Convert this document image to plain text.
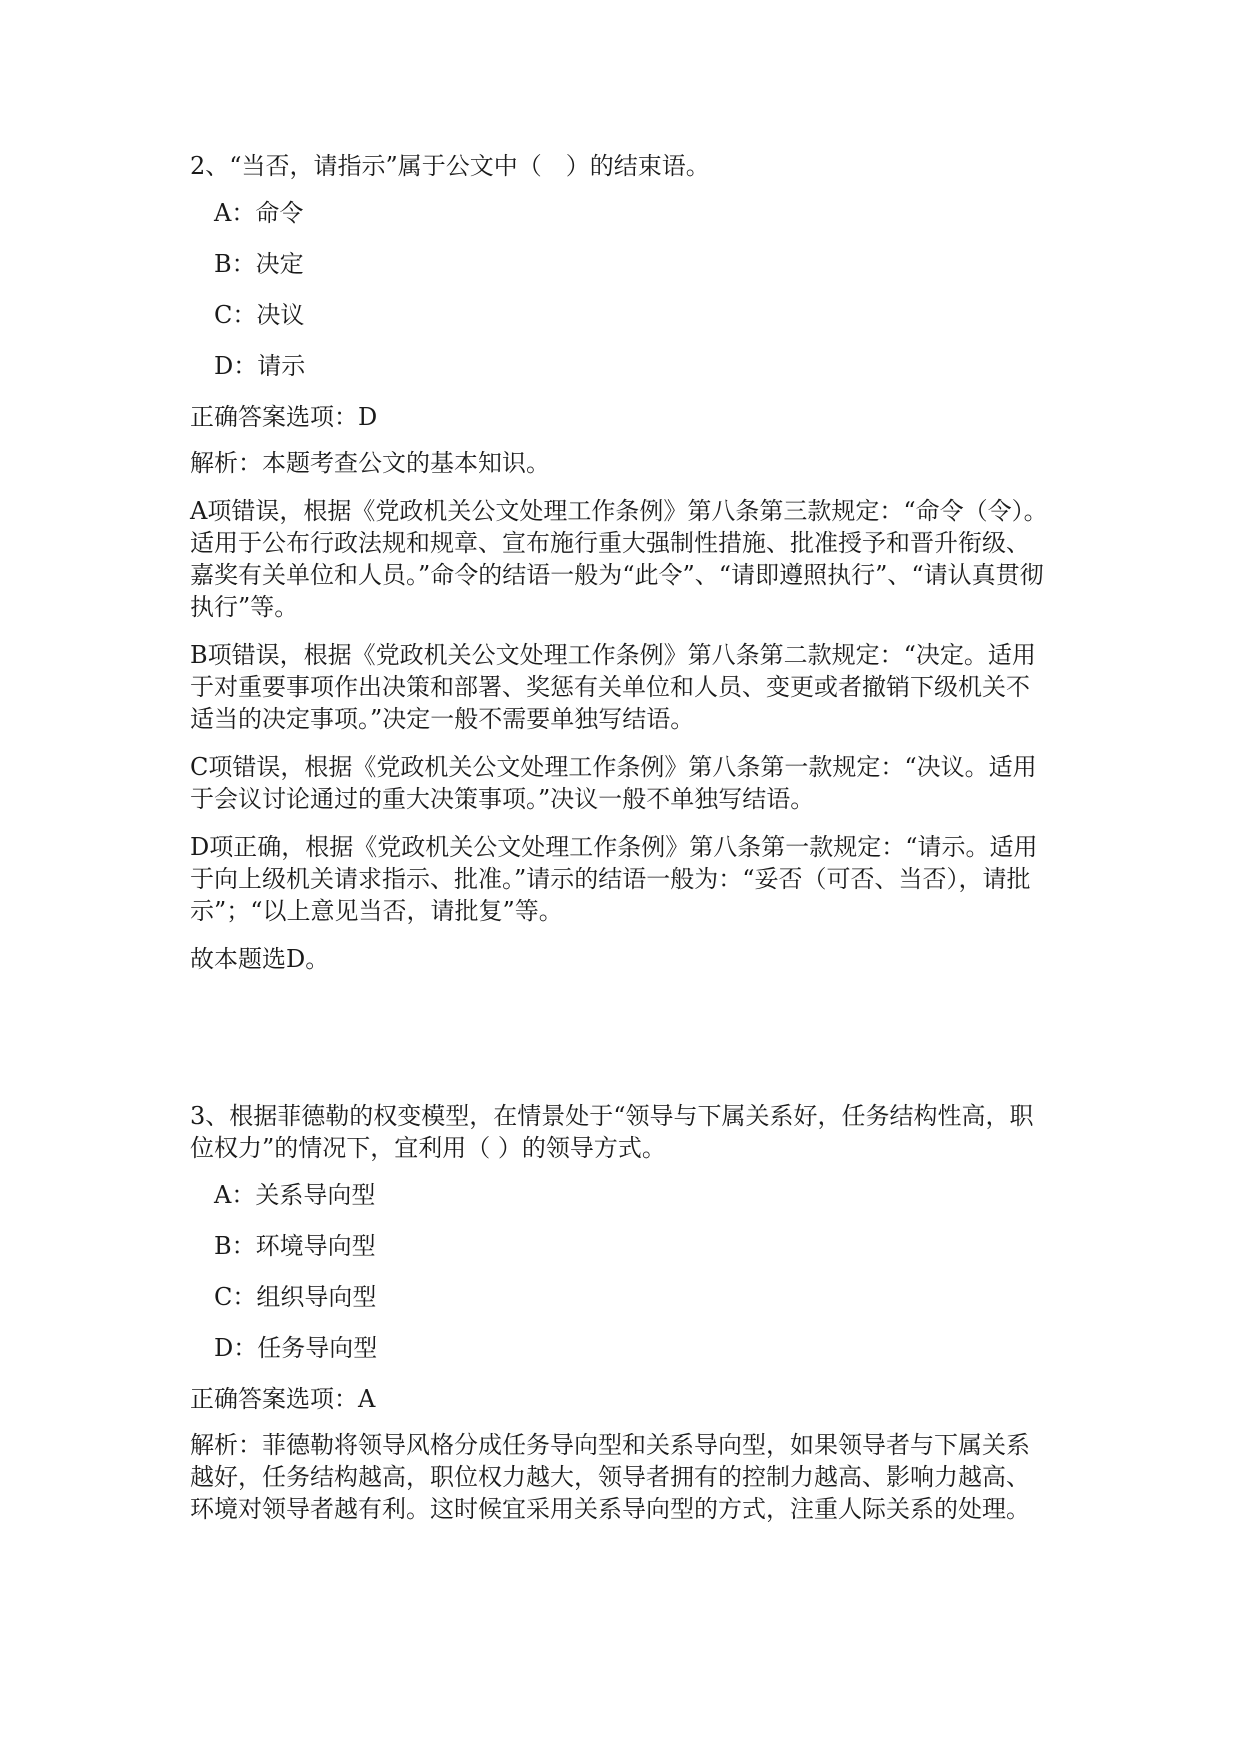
2、“当否，请指示”属于公文中（　）的结束语。

A：命令
B：决定
C：决议
D：请示

正确答案选项：D

解析：本题考查公文的基本知识。

A项错误，根据《党政机关公文处理工作条例》第八条第三款规定：“命令（令）。适用于公布行政法规和规章、宣布施行重大强制性措施、批准授予和晋升衔级、嘉奖有关单位和人员。”命令的结语一般为“此令”、“请即遵照执行”、“请认真贯彻执行”等。

B项错误，根据《党政机关公文处理工作条例》第八条第二款规定：“决定。适用于对重要事项作出决策和部署、奖惩有关单位和人员、变更或者撤销下级机关不适当的决定事项。”决定一般不需要单独写结语。

C项错误，根据《党政机关公文处理工作条例》第八条第一款规定：“决议。适用于会议讨论通过的重大决策事项。”决议一般不单独写结语。

D项正确，根据《党政机关公文处理工作条例》第八条第一款规定：“请示。适用于向上级机关请求指示、批准。”请示的结语一般为：“妥否（可否、当否），请批示”；“以上意见当否，请批复”等。

故本题选D。

3、根据菲德勒的权变模型，在情景处于“领导与下属关系好，任务结构性高，职位权力”的情况下，宜利用（ ）的领导方式。

A：关系导向型
B：环境导向型
C：组织导向型
D：任务导向型

正确答案选项：A

解析：菲德勒将领导风格分成任务导向型和关系导向型，如果领导者与下属关系越好，任务结构越高，职位权力越大，领导者拥有的控制力越高、影响力越高、环境对领导者越有利。这时候宜采用关系导向型的方式，注重人际关系的处理。
